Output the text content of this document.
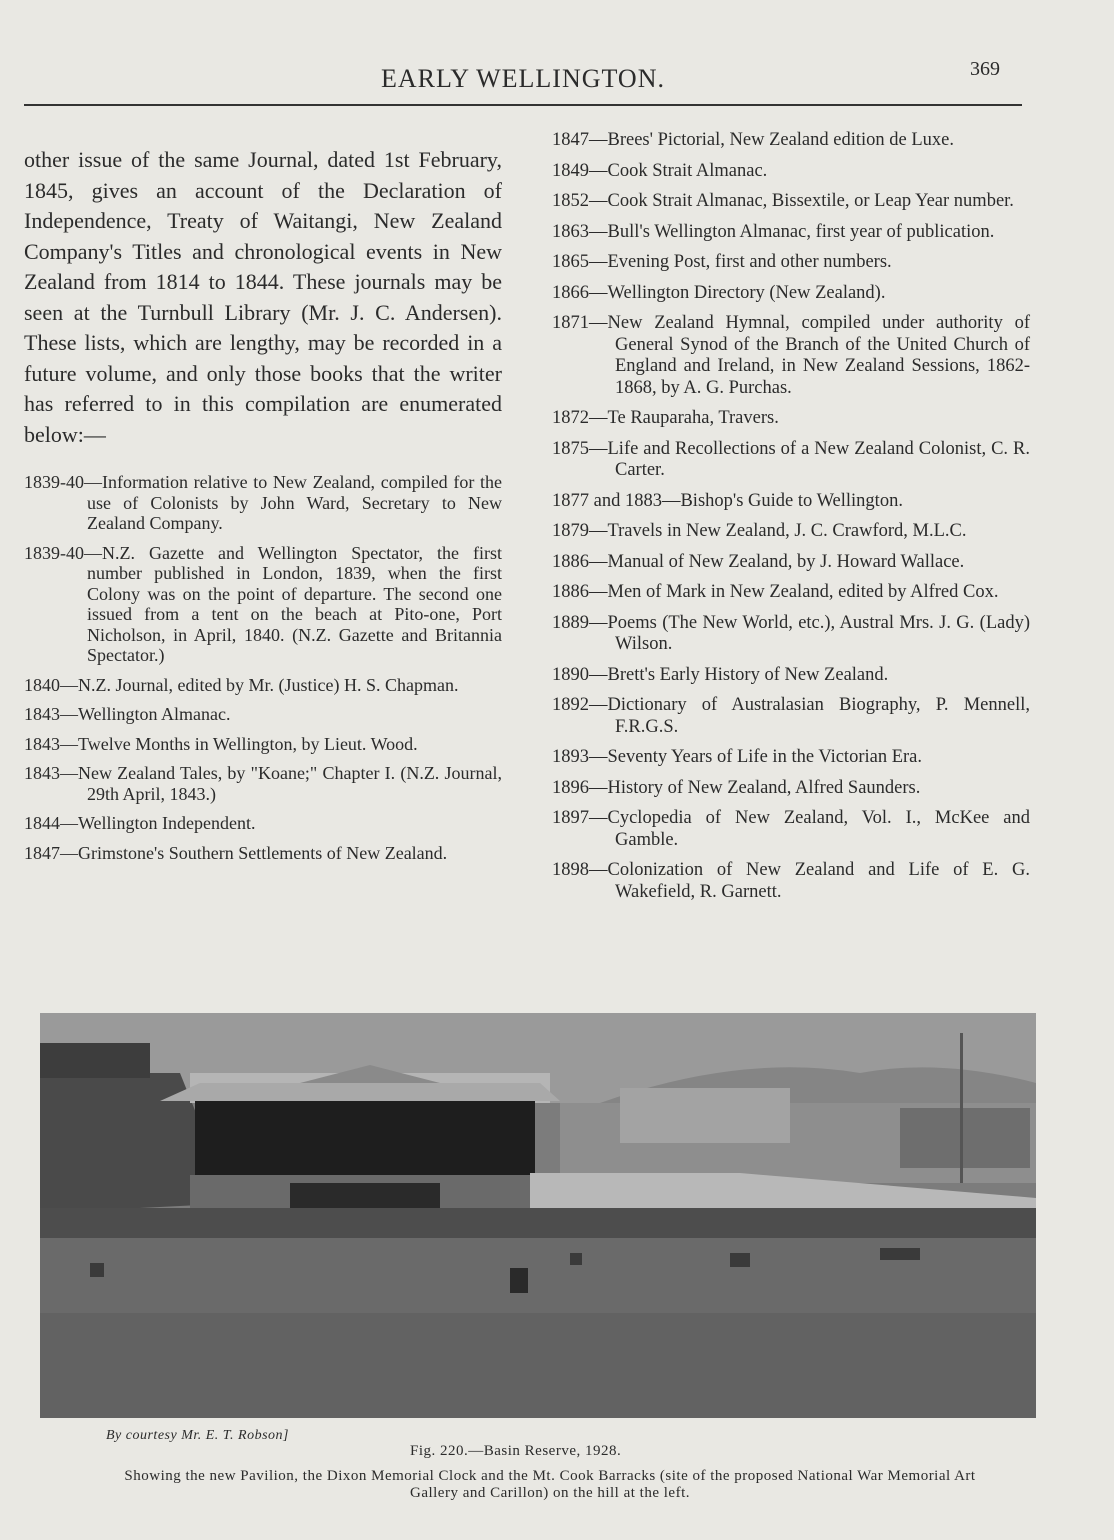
EARLY WELLINGTON.	369

other issue of the same Journal, dated 1st February, 1845, gives an account of the Declaration of Independence, Treaty of Waitangi, New Zealand Company's Titles and chronological events in New Zealand from 1814 to 1844. These journals may be seen at the Turnbull Library (Mr. J. C. Andersen). These lists, which are lengthy, may be recorded in a future volume, and only those books that the writer has referred to in this compilation are enumerated below:—

1839-40—Information relative to New Zealand, compiled for the use of Colonists by John Ward, Secretary to New Zealand Company.

1839-40—N.Z. Gazette and Wellington Spectator, the first number published in London, 1839, when the first Colony was on the point of departure. The second one issued from a tent on the beach at Pito-one, Port Nicholson, in April, 1840. (N.Z. Gazette and Britannia Spectator.)

1840—N.Z. Journal, edited by Mr. (Justice) H. S. Chapman.

1843—Wellington Almanac.

1843—Twelve Months in Wellington, by Lieut. Wood.

1843—New Zealand Tales, by "Koane;" Chapter I. (N.Z. Journal, 29th April, 1843.)

1844—Wellington Independent.

1847—Grimstone's Southern Settlements of New Zealand.

1847—Brees' Pictorial, New Zealand edition de Luxe.

1849—Cook Strait Almanac.

1852—Cook Strait Almanac, Bissextile, or Leap Year number.

1863—Bull's Wellington Almanac, first year of publication.

1865—Evening Post, first and other numbers.

1866—Wellington Directory (New Zealand).

1871—New Zealand Hymnal, compiled under authority of General Synod of the Branch of the United Church of England and Ireland, in New Zealand Sessions, 1862-1868, by A. G. Purchas.

1872—Te Rauparaha, Travers.

1875—Life and Recollections of a New Zealand Colonist, C. R. Carter.

1877 and 1883—Bishop's Guide to Wellington.

1879—Travels in New Zealand, J. C. Crawford, M.L.C.

1886—Manual of New Zealand, by J. Howard Wallace.

1886—Men of Mark in New Zealand, edited by Alfred Cox.

1889—Poems (The New World, etc.), Austral Mrs. J. G. (Lady) Wilson.

1890—Brett's Early History of New Zealand.

1892—Dictionary of Australasian Biography, P. Mennell, F.R.G.S.

1893—Seventy Years of Life in the Victorian Era.

1896—History of New Zealand, Alfred Saunders.

1897—Cyclopedia of New Zealand, Vol. I., McKee and Gamble.

1898—Colonization of New Zealand and Life of E. G. Wakefield, R. Garnett.

By courtesy Mr. E. T. Robson]
Fig. 220.—Basin Reserve, 1928.
Showing the new Pavilion, the Dixon Memorial Clock and the Mt. Cook Barracks (site of the proposed National War Memorial Art Gallery and Carillon) on the hill at the left.
